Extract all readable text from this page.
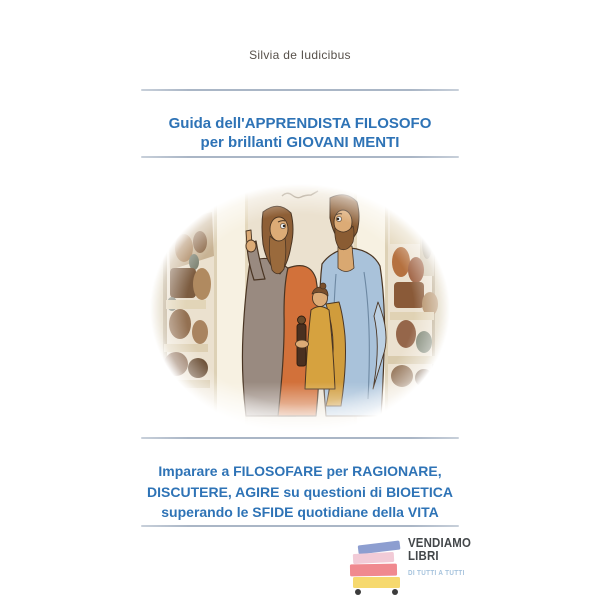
Silvia de Iudicibus
Guida dell'APPRENDISTA FILOSOFO
per brillanti GIOVANI MENTI
Imparare a FILOSOFARE per RAGIONARE,
DISCUTERE, AGIRE su questioni di BIOETICA
superando le SFIDE quotidiane della VITA
VENDIAMO
LIBRI
DI TUTTI A TUTTI
